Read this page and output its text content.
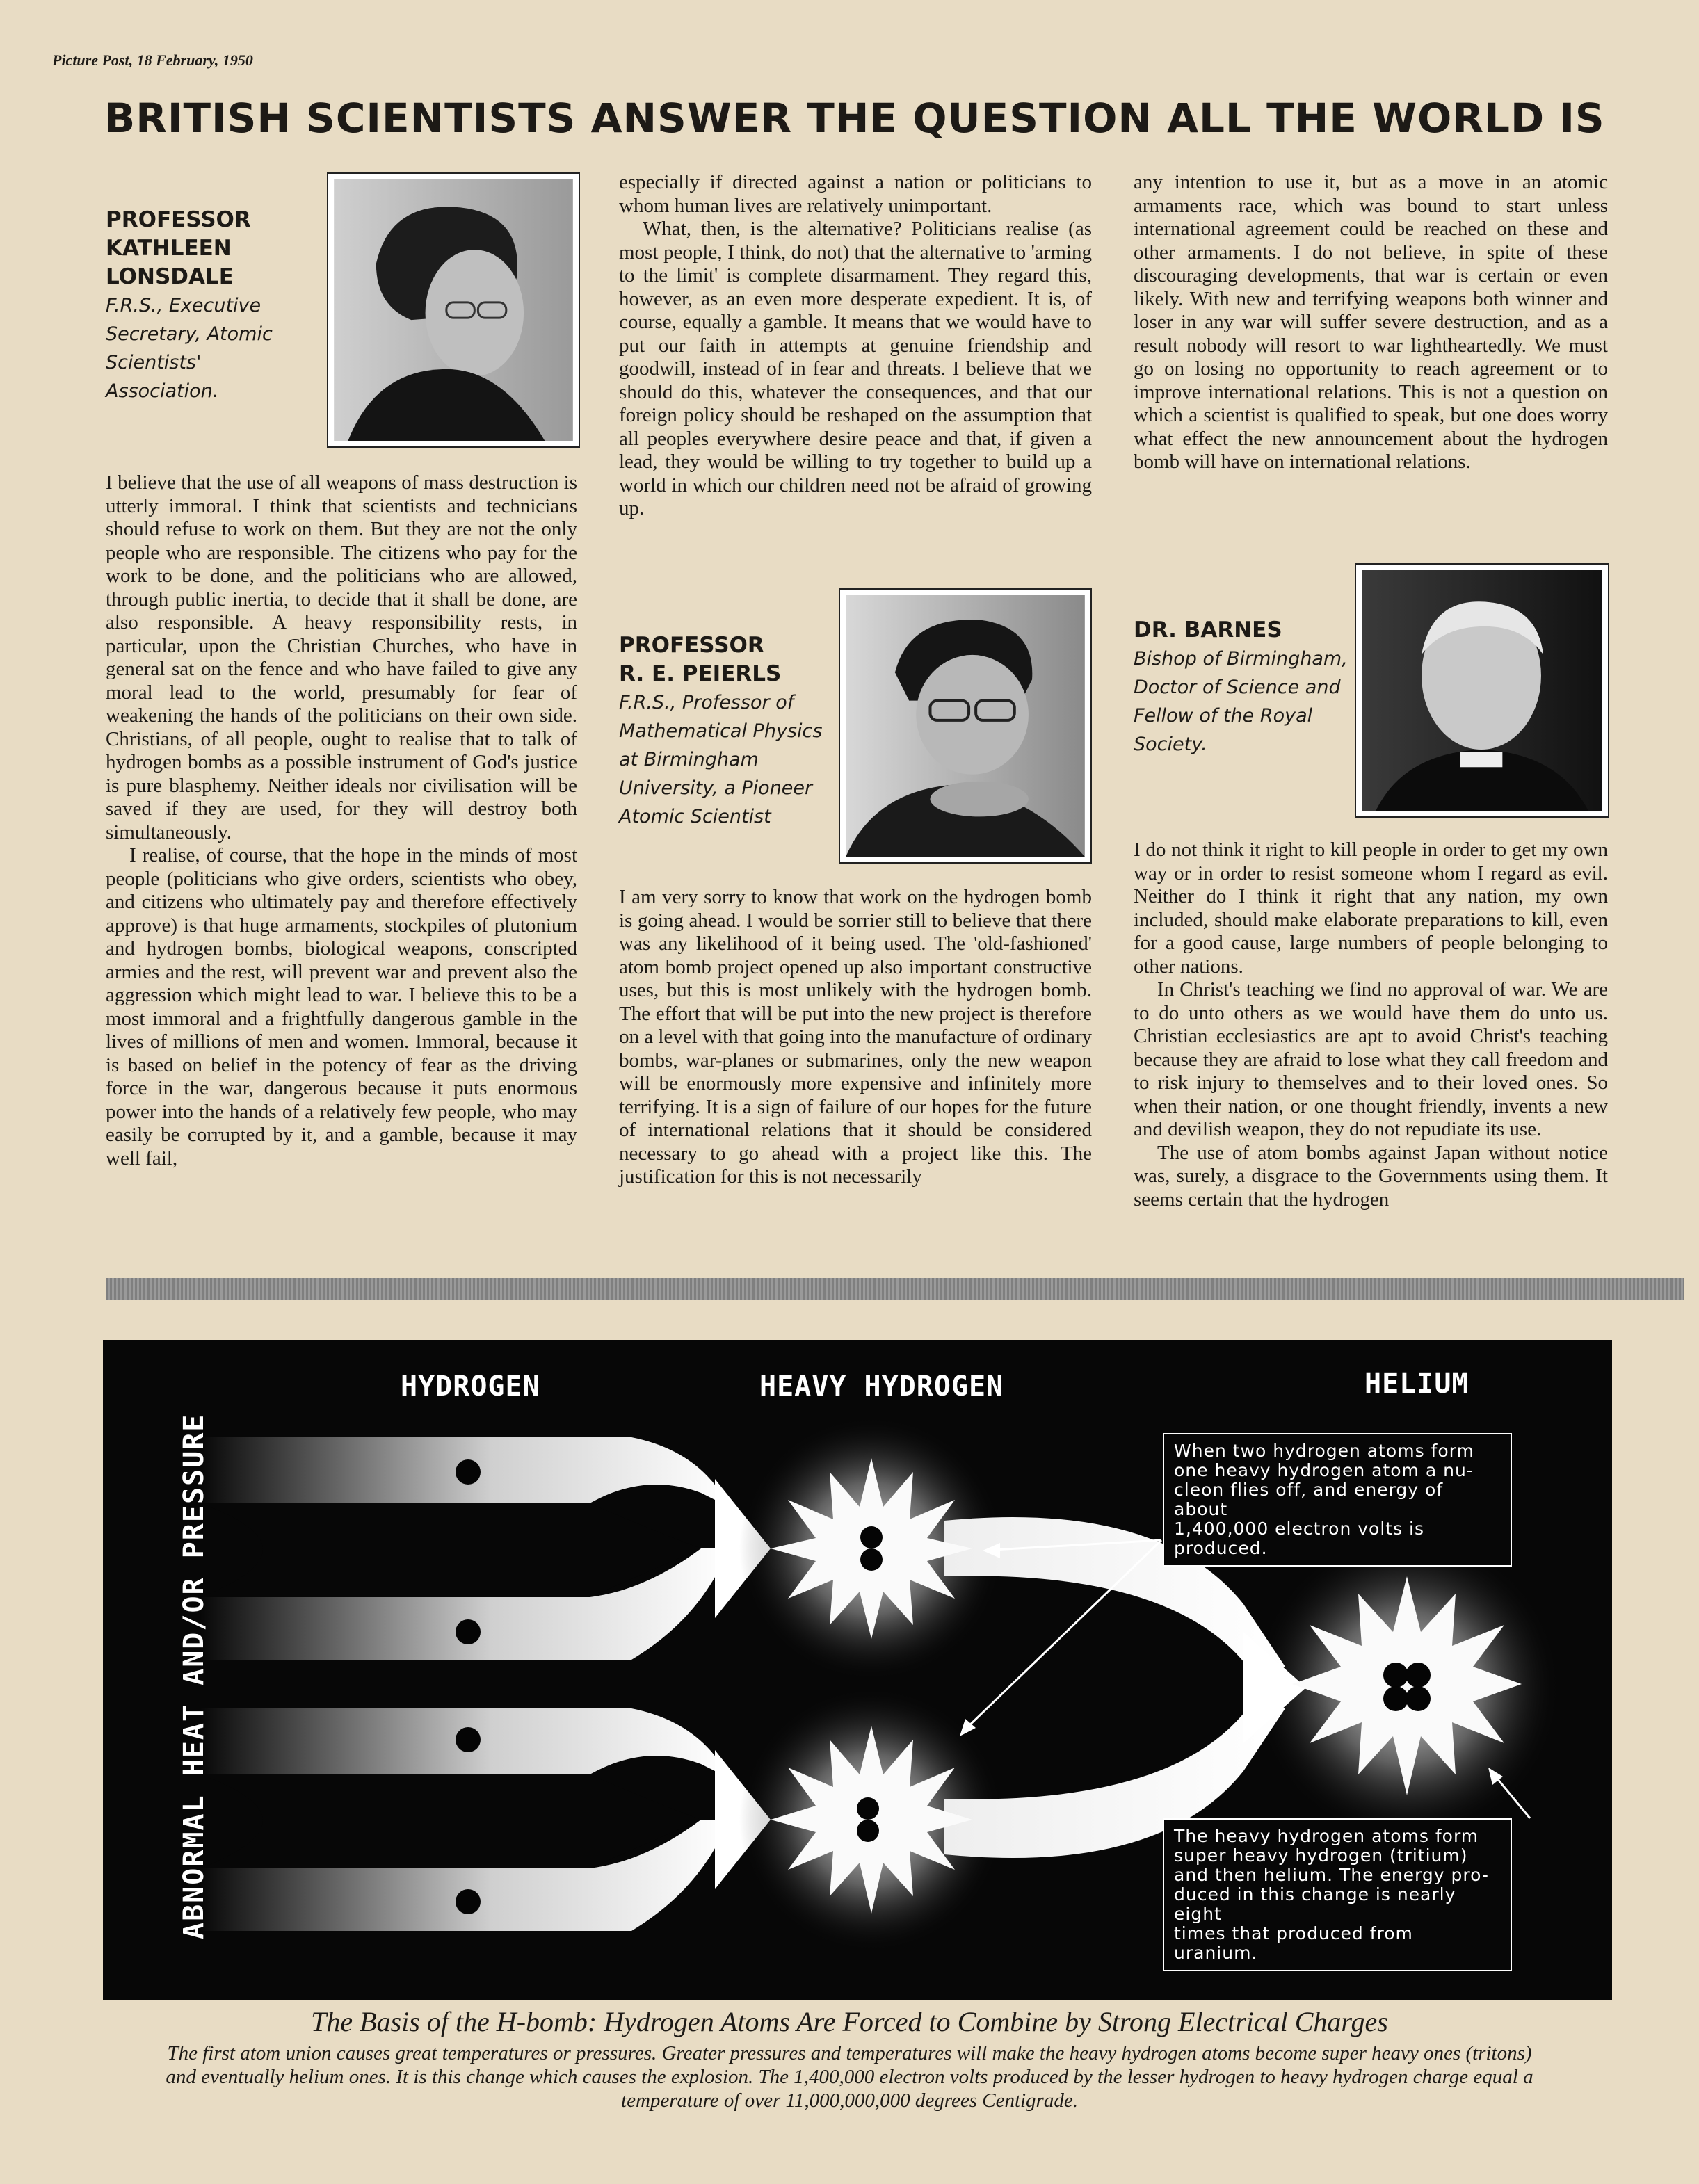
Picture Post, 18 February, 1950
BRITISH SCIENTISTS ANSWER THE QUESTION ALL THE WORLD IS
PROFESSOR
KATHLEEN
LONSDALE
F.R.S., Executive
Secretary, Atomic
Scientists'
Association.

I believe that the use of all weapons of mass destruction is utterly immoral. I think that scientists and technicians should refuse to work on them. But they are not the only people who are responsible. The citizens who pay for the work to be done, and the politicians who are allowed, through public inertia, to decide that it shall be done, are also responsible. A heavy responsibility rests, in particular, upon the Christian Churches, who have in general sat on the fence and who have failed to give any moral lead to the world, presumably for fear of weakening the hands of the politicians on their own side. Christians, of all people, ought to realise that to talk of hydrogen bombs as a possible instrument of God's justice is pure blasphemy. Neither ideals nor civilisation will be saved if they are used, for they will destroy both simultaneously.

I realise, of course, that the hope in the minds of most people (politicians who give orders, scientists who obey, and citizens who ultimately pay and therefore effectively approve) is that huge armaments, stockpiles of plutonium and hydrogen bombs, biological weapons, conscripted armies and the rest, will prevent war and prevent also the aggression which might lead to war. I believe this to be a most immoral and a frightfully dangerous gamble in the lives of millions of men and women. Immoral, because it is based on belief in the potency of fear as the driving force in the war, dangerous because it puts enormous power into the hands of a relatively few people, who may easily be corrupted by it, and a gamble, because it may well fail,

especially if directed against a nation or politicians to whom human lives are relatively unimportant.

What, then, is the alternative? Politicians realise (as most people, I think, do not) that the alternative to 'arming to the limit' is complete disarmament. They regard this, however, as an even more desperate expedient. It is, of course, equally a gamble. It means that we would have to put our faith in attempts at genuine friendship and goodwill, instead of in fear and threats. I believe that we should do this, whatever the consequences, and that our foreign policy should be reshaped on the assumption that all peoples everywhere desire peace and that, if given a lead, they would be willing to try together to build up a world in which our children need not be afraid of growing up.

PROFESSOR
R. E. PEIERLS
F.R.S., Professor of
Mathematical Physics
at Birmingham
University, a Pioneer
Atomic Scientist

I am very sorry to know that work on the hydrogen bomb is going ahead. I would be sorrier still to believe that there was any likelihood of it being used. The 'old-fashioned' atom bomb project opened up also important constructive uses, but this is most unlikely with the hydrogen bomb. The effort that will be put into the new project is therefore on a level with that going into the manufacture of ordinary bombs, war-planes or submarines, only the new weapon will be enormously more expensive and infinitely more terrifying. It is a sign of failure of our hopes for the future of international relations that it should be considered necessary to go ahead with a project like this. The justification for this is not necessarily

any intention to use it, but as a move in an atomic armaments race, which was bound to start unless international agreement could be reached on these and other armaments. I do not believe, in spite of these discouraging developments, that war is certain or even likely. With new and terrifying weapons both winner and loser in any war will suffer severe destruction, and as a result nobody will resort to war lightheartedly. We must go on losing no opportunity to reach agreement or to improve international relations. This is not a question on which a scientist is qualified to speak, but one does worry what effect the new announcement about the hydrogen bomb will have on international relations.

DR. BARNES
Bishop of Birmingham,
Doctor of Science and
Fellow of the Royal
Society.

I do not think it right to kill people in order to get my own way or in order to resist someone whom I regard as evil. Neither do I think it right that any nation, my own included, should make elaborate preparations to kill, even for a good cause, large numbers of people belonging to other nations.

In Christ's teaching we find no approval of war. We are to do unto others as we would have them do unto us. Christian ecclesiastics are apt to avoid Christ's teaching because they are afraid to lose what they call freedom and to risk injury to themselves and to their loved ones. So when their nation, or one thought friendly, invents a new and devilish weapon, they do not repudiate its use.

The use of atom bombs against Japan without notice was, surely, a disgrace to the Governments using them. It seems certain that the hydrogen

HYDROGEN	HEAVY HYDROGEN	HELIUM
ABNORMAL HEAT AND/OR PRESSURE	When two hydrogen atoms form
one heavy hydrogen atom a nu-
cleon flies off, and energy of about
1,400,000 electron volts is produced.
The heavy hydrogen atoms form
super heavy hydrogen (tritium)
and then helium. The energy pro-
duced in this change is nearly eight
times that produced from uranium.
The Basis of the H-bomb: Hydrogen Atoms Are Forced to Combine by Strong Electrical Charges
The first atom union causes great temperatures or pressures. Greater pressures and temperatures will make the heavy hydrogen atoms become super heavy ones (tritons) and eventually helium ones. It is this change which causes the explosion. The 1,400,000 electron volts produced by the lesser hydrogen to heavy hydrogen charge equal a temperature of over 11,000,000,000 degrees Centigrade.
